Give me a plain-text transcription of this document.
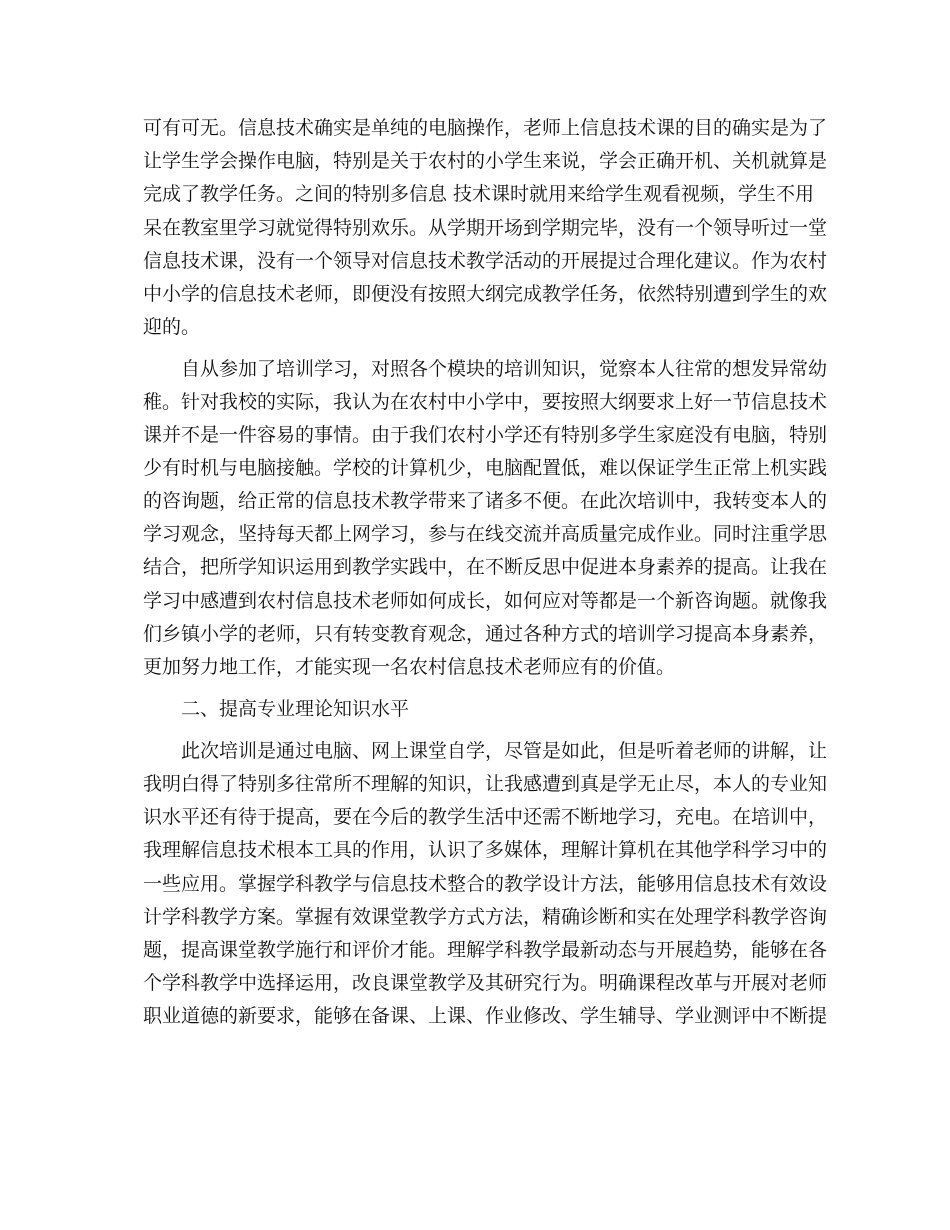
可有可无。信息技术确实是单纯的电脑操作，老师上信息技术课的目的确实是为了
让学生学会操作电脑，特别是关于农村的小学生来说，学会正确开机、关机就算是
完成了教学任务。之间的特别多信息 技术课时就用来给学生观看视频，学生不用
呆在教室里学习就觉得特别欢乐。从学期开场到学期完毕，没有一个领导听过一堂
信息技术课，没有一个领导对信息技术教学活动的开展提过合理化建议。作为农村
中小学的信息技术老师，即便没有按照大纲完成教学任务，依然特别遭到学生的欢
迎的。
　　自从参加了培训学习，对照各个模块的培训知识，觉察本人往常的想发异常幼
稚。针对我校的实际，我认为在农村中小学中，要按照大纲要求上好一节信息技术
课并不是一件容易的事情。由于我们农村小学还有特别多学生家庭没有电脑，特别
少有时机与电脑接触。学校的计算机少，电脑配置低，难以保证学生正常上机实践
的咨询题，给正常的信息技术教学带来了诸多不便。在此次培训中，我转变本人的
学习观念，坚持每天都上网学习，参与在线交流并高质量完成作业。同时注重学思
结合，把所学知识运用到教学实践中，在不断反思中促进本身素养的提高。让我在
学习中感遭到农村信息技术老师如何成长，如何应对等都是一个新咨询题。就像我
们乡镇小学的老师，只有转变教育观念，通过各种方式的培训学习提高本身素养，
更加努力地工作，才能实现一名农村信息技术老师应有的价值。
　　二、提高专业理论知识水平
　　此次培训是通过电脑、网上课堂自学，尽管是如此，但是听着老师的讲解，让
我明白得了特别多往常所不理解的知识，让我感遭到真是学无止尽，本人的专业知
识水平还有待于提高，要在今后的教学生活中还需不断地学习，充电。在培训中，
我理解信息技术根本工具的作用，认识了多媒体，理解计算机在其他学科学习中的
一些应用。掌握学科教学与信息技术整合的教学设计方法，能够用信息技术有效设
计学科教学方案。掌握有效课堂教学方式方法，精确诊断和实在处理学科教学咨询
题，提高课堂教学施行和评价才能。理解学科教学最新动态与开展趋势，能够在各
个学科教学中选择运用，改良课堂教学及其研究行为。明确课程改革与开展对老师
职业道德的新要求，能够在备课、上课、作业修改、学生辅导、学业测评中不断提
